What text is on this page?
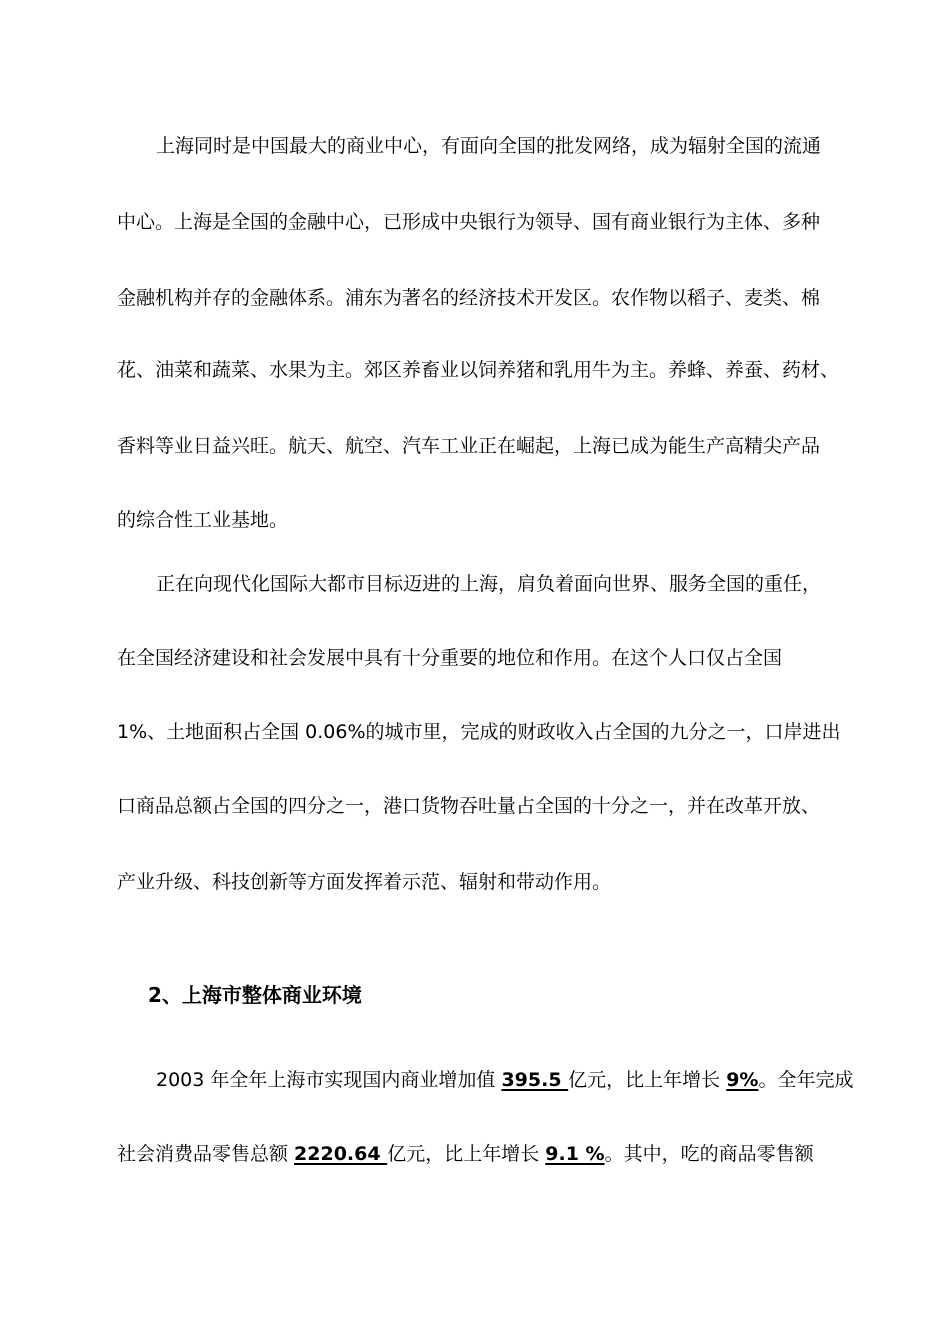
上海同时是中国最大的商业中心，有面向全国的批发网络，成为辐射全国的流通
中心。上海是全国的金融中心，已形成中央银行为领导、国有商业银行为主体、多种
金融机构并存的金融体系。浦东为著名的经济技术开发区。农作物以稻子、麦类、棉
花、油菜和蔬菜、水果为主。郊区养畜业以饲养猪和乳用牛为主。养蜂、养蚕、药材、
香料等业日益兴旺。航天、航空、汽车工业正在崛起，上海已成为能生产高精尖产品
的综合性工业基地。
正在向现代化国际大都市目标迈进的上海，肩负着面向世界、服务全国的重任，
在全国经济建设和社会发展中具有十分重要的地位和作用。在这个人口仅占全国
1%、土地面积占全国 0.06%的城市里，完成的财政收入占全国的九分之一，口岸进出
口商品总额占全国的四分之一，港口货物吞吐量占全国的十分之一，并在改革开放、
产业升级、科技创新等方面发挥着示范、辐射和带动作用。
2、上海市整体商业环境
2003 年全年上海市实现国内商业增加值 395.5 亿元，比上年增长 9%。全年完成
社会消费品零售总额 2220.64 亿元，比上年增长 9.1 %。其中，吃的商品零售额
